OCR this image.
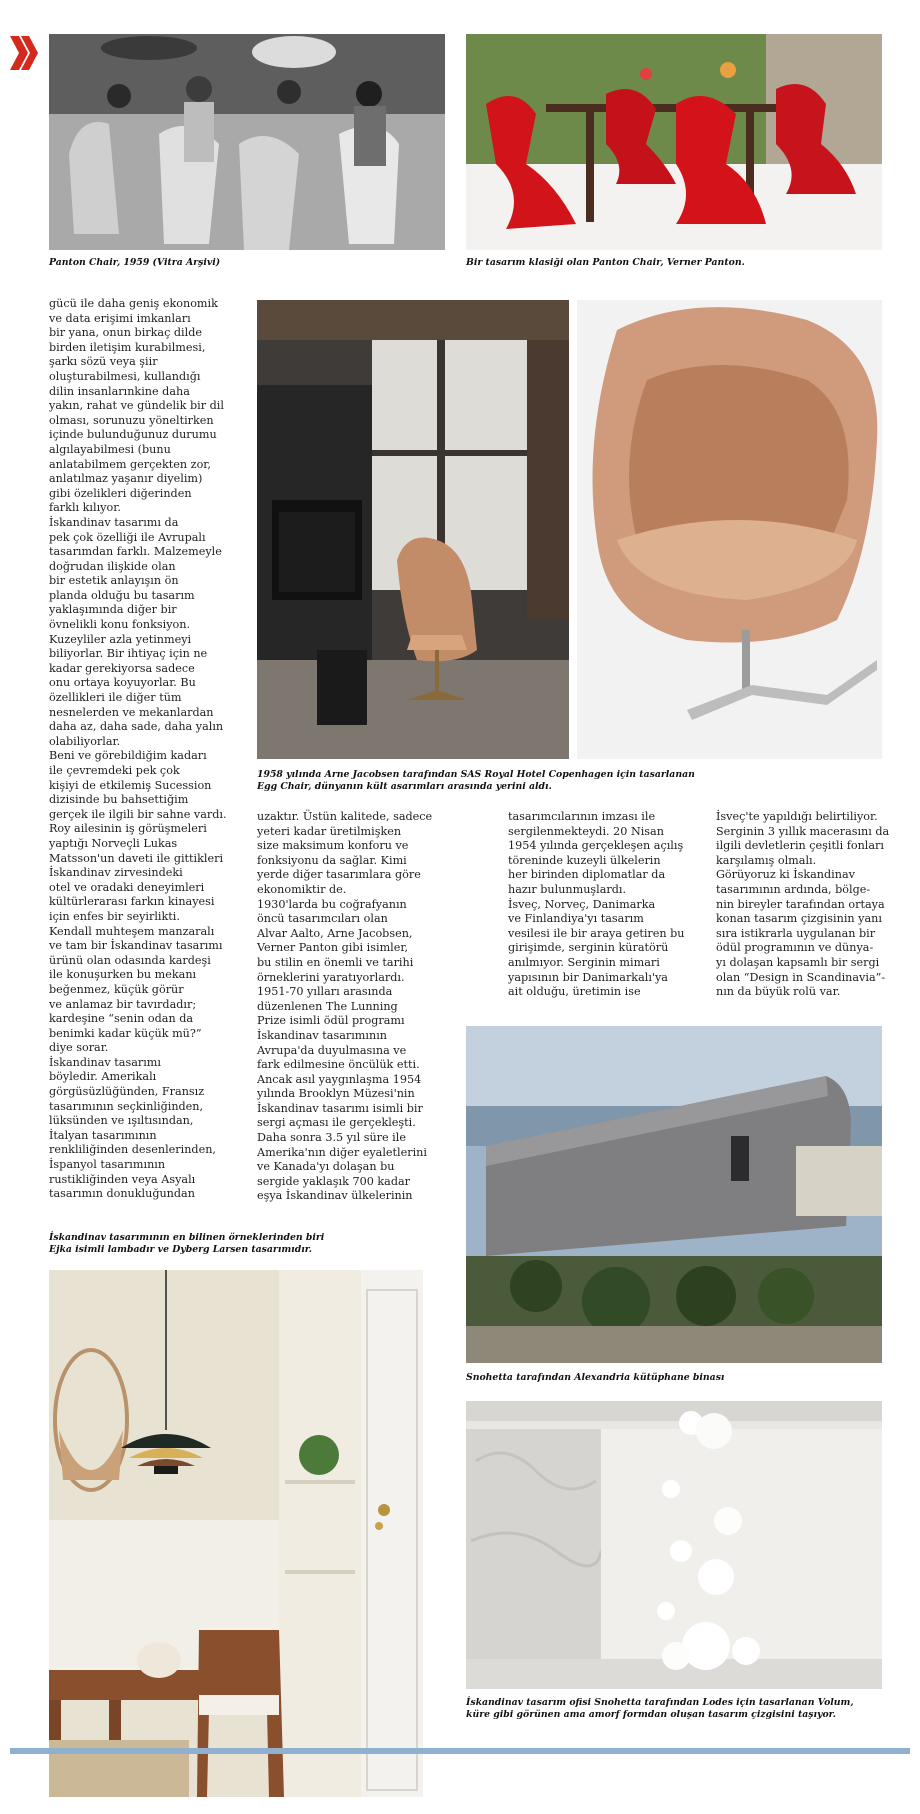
Panton Chair, 1959 (Vitra Arşivi)	Bir tasarım klasiği olan Panton Chair, Verner Panton.
gücü ile daha geniş ekonomik
ve data erişimi imkanları
bir yana, onun birkaç dilde
birden iletişim kurabilmesi,
şarkı sözü veya şiir
oluşturabilmesi, kullandığı
dilin insanlarınkine daha
yakın, rahat ve gündelik bir dil
olması, sorunuzu yöneltirken
içinde bulunduğunuz durumu
algılayabilmesi (bunu
anlatabilmem gerçekten zor,
anlatılmaz yaşanır diyelim)
gibi özelikleri diğerinden
farklı kılıyor.
İskandinav tasarımı da
pek çok özelliği ile Avrupalı
tasarımdan farklı. Malzemeyle
doğrudan ilişkide olan
bir estetik anlayışın ön
planda olduğu bu tasarım
yaklaşımında diğer bir
övnelikli konu fonksiyon.
Kuzeyliler azla yetinmeyi
biliyorlar. Bir ihtiyaç için ne
kadar gerekiyorsa sadece
onu ortaya koyuyorlar. Bu
özellikleri ile diğer tüm
nesnelerden ve mekanlardan
daha az, daha sade, daha yalın
olabiliyorlar.
Beni ve görebildiğim kadarı
ile çevremdeki pek çok
kişiyi de etkilemiş Sucession
dizisinde bu bahsettiğim
gerçek ile ilgili bir sahne vardı.
Roy ailesinin iş görüşmeleri
yaptığı Norveçli Lukas
Matsson'un daveti ile gittikleri
İskandinav zirvesindeki
otel ve oradaki deneyimleri
kültürlerarası farkın kinayesi
için enfes bir seyirlikti.
Kendall muhteşem manzaralı
ve tam bir İskandinav tasarımı
ürünü olan odasında kardeşi
ile konuşurken bu mekanı
beğenmez, küçük görür
ve anlamaz bir tavırdadır;
kardeşine “senin odan da
benimki kadar küçük mü?”
diye sorar.
İskandinav tasarımı
böyledir. Amerikalı
görgüsüzlüğünden, Fransız
tasarımının seçkinliğinden,
lüksünden ve ışıltısından,
İtalyan tasarımının
renkliliğinden desenlerinden,
İspanyol tasarımının
rustikliğinden veya Asyalı
tasarımın donukluğundan
1958 yılında Arne Jacobsen tarafından SAS Royal Hotel Copenhagen için tasarlanan
Egg Chair, dünyanın kült asarımları arasında yerini aldı.
uzaktır. Üstün kalitede, sadece
yeteri kadar üretilmişken
size maksimum konforu ve
fonksiyonu da sağlar. Kimi
yerde diğer tasarımlara göre
ekonomiktir de.
1930'larda bu coğrafyanın
öncü tasarımcıları olan
Alvar Aalto, Arne Jacobsen,
Verner Panton gibi isimler,
bu stilin en önemli ve tarihi
örneklerini yaratıyorlardı.
1951-70 yılları arasında
düzenlenen The Lunning
Prize isimli ödül programı
İskandinav tasarımının
Avrupa'da duyulmasına ve
fark edilmesine öncülük etti.
Ancak asıl yaygınlaşma 1954
yılında Brooklyn Müzesi'nin
İskandinav tasarımı isimli bir
sergi açması ile gerçekleşti.
Daha sonra 3.5 yıl süre ile
Amerika'nın diğer eyaletlerini
ve Kanada'yı dolaşan bu
sergide yaklaşık 700 kadar
eşya İskandinav ülkelerinin
tasarımcılarının imzası ile
sergilenmekteydi. 20 Nisan
1954 yılında gerçekleşen açılış
töreninde kuzeyli ülkelerin
her birinden diplomatlar da
hazır bulunmuşlardı.
İsveç, Norveç, Danimarka
ve Finlandiya'yı tasarım
vesilesi ile bir araya getiren bu
girişimde, serginin küratörü
anılmıyor. Serginin mimari
yapısının bir Danimarkalı'ya
ait olduğu, üretimin ise
İsveç'te yapıldığı belirtiliyor.
Serginin 3 yıllık macerasını da
ilgili devletlerin çeşitli fonları
karşılamış olmalı.
Görüyoruz ki İskandinav
tasarımının ardında, bölge-
nin bireyler tarafından ortaya
konan tasarım çizgisinin yanı
sıra istikrarla uygulanan bir
ödül programının ve dünya-
yı dolaşan kapsamlı bir sergi
olan “Design in Scandinavia”-
nın da büyük rolü var.
Snohetta tarafından Alexandria kütüphane binası
İskandinav tasarımının en bilinen örneklerinden biri
Ejka isimli lambadır ve Dyberg Larsen tasarımıdır.
İskandinav tasarım ofisi Snohetta tarafından Lodes için tasarlanan Volum,
küre gibi görünen ama amorf formdan oluşan tasarım çizgisini taşıyor.
